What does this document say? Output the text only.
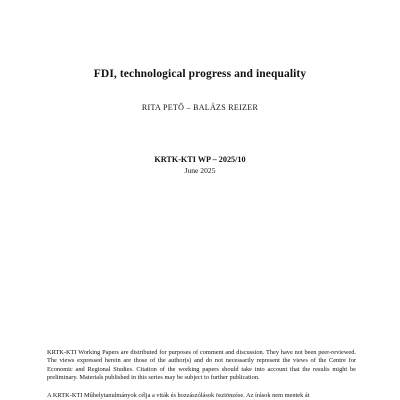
FDI, technological progress and inequality
RITA PETŐ – BALÁZS REIZER
KRTK-KTI WP – 2025/10
June 2025

KRTK-KTI Working Papers are distributed for purposes of comment and discussion. They have not been peer-reviewed. The views expressed herein are those of the author(s) and do not necessarily represent the views of the Centre for Economic and Regional Studies. Citation of the working papers should take into account that the results might be preliminary. Materials published in this series may be subject to further publication.

A KRTK-KTI Műhelytanulmányok célja a viták és hozzászólások ösztönzése. Az írások nem mentek át
